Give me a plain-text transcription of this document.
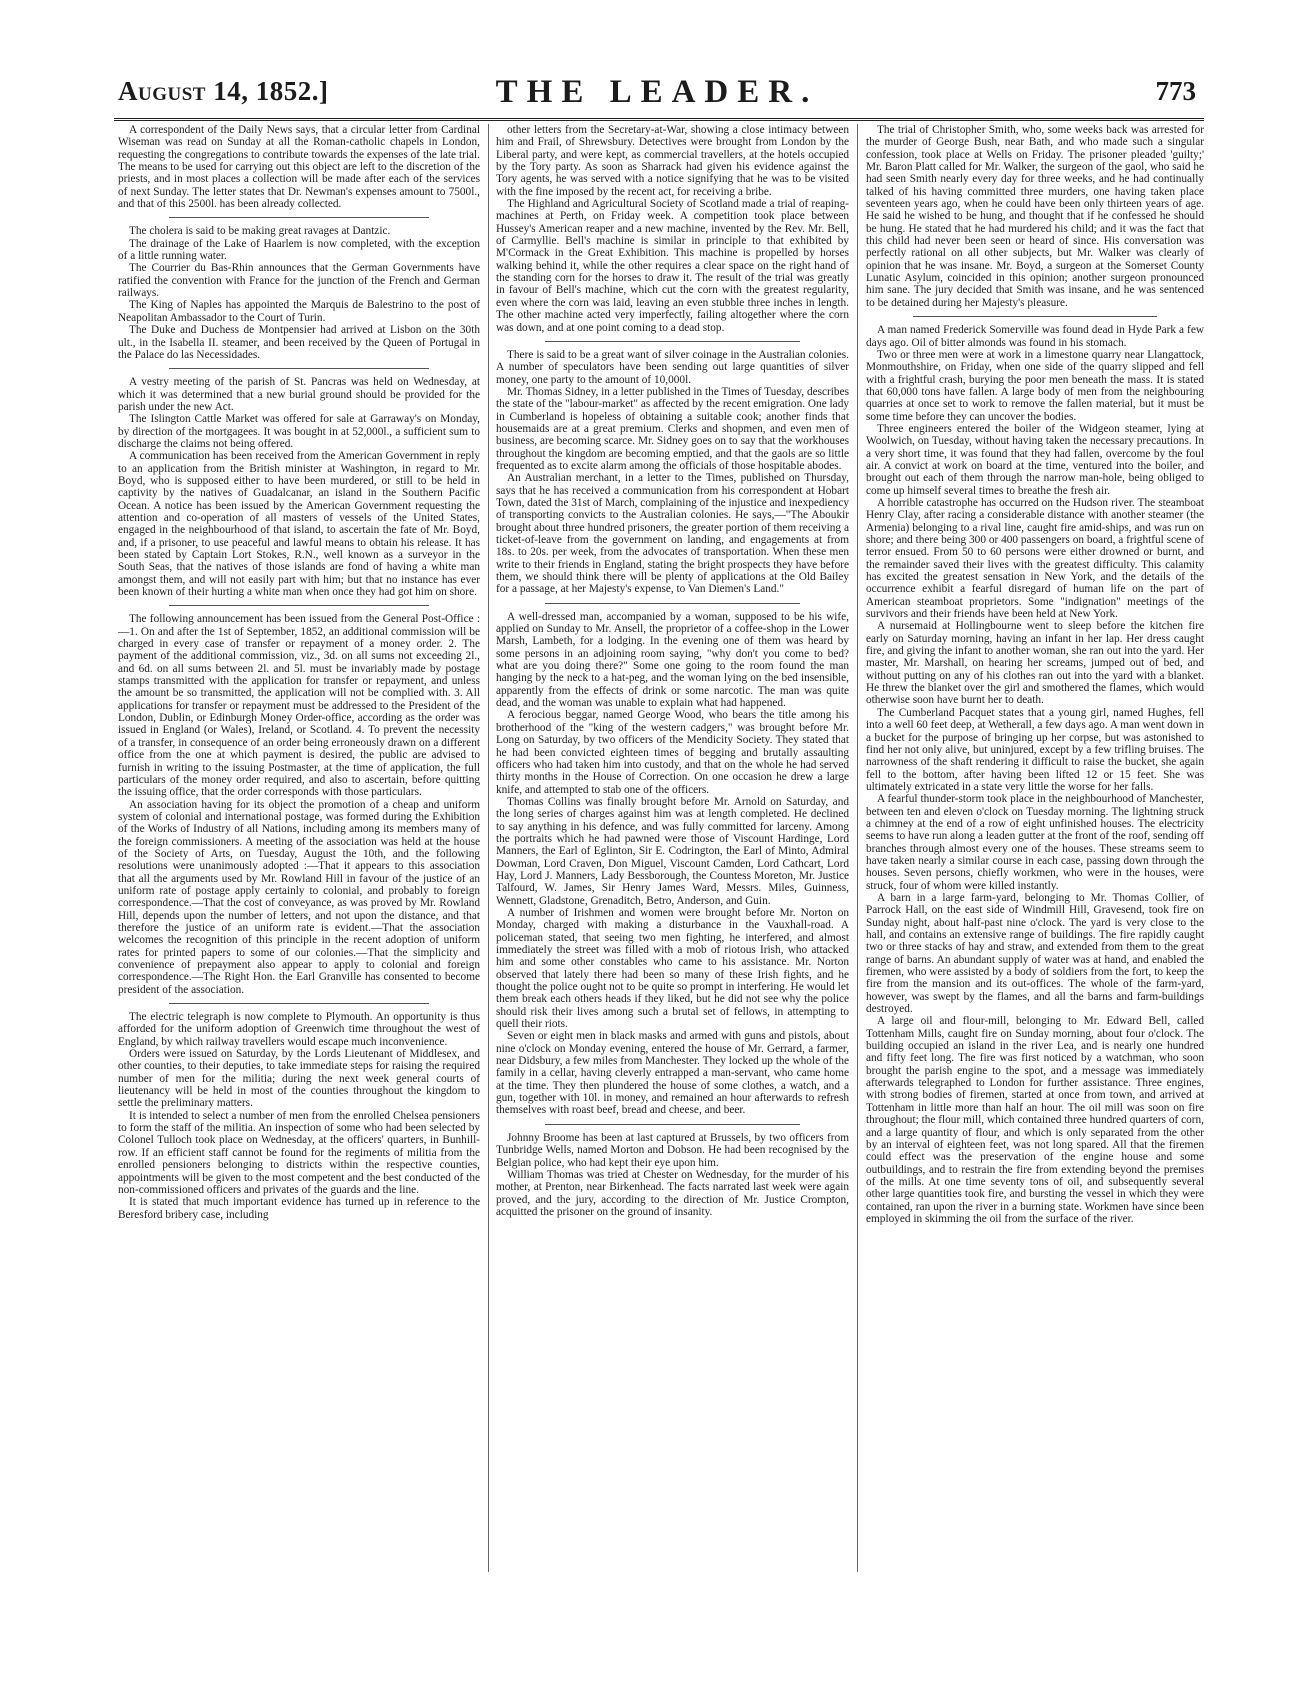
August 14, 1852.]	THE LEADER.	773

A correspondent of the Daily News says, that a circular letter from Cardinal Wiseman was read on Sunday at all the Roman-catholic chapels in London, requesting the congregations to contribute towards the expenses of the late trial. The means to be used for carrying out this object are left to the discretion of the priests, and in most places a collection will be made after each of the services of next Sunday. The letter states that Dr. Newman's expenses amount to 7500l., and that of this 2500l. has been already collected.

The cholera is said to be making great ravages at Dantzic.

The drainage of the Lake of Haarlem is now completed, with the exception of a little running water.

The Courrier du Bas-Rhin announces that the German Governments have ratified the convention with France for the junction of the French and German railways.

The King of Naples has appointed the Marquis de Balestrino to the post of Neapolitan Ambassador to the Court of Turin.

The Duke and Duchess de Montpensier had arrived at Lisbon on the 30th ult., in the Isabella II. steamer, and been received by the Queen of Portugal in the Palace do las Necessidades.

A vestry meeting of the parish of St. Pancras was held on Wednesday, at which it was determined that a new burial ground should be provided for the parish under the new Act.

The Islington Cattle Market was offered for sale at Garraway's on Monday, by direction of the mortgagees. It was bought in at 52,000l., a sufficient sum to discharge the claims not being offered.

A communication has been received from the American Government in reply to an application from the British minister at Washington, in regard to Mr. Boyd, who is supposed either to have been murdered, or still to be held in captivity by the natives of Guadalcanar, an island in the Southern Pacific Ocean. A notice has been issued by the American Government requesting the attention and co-operation of all masters of vessels of the United States, engaged in the neighbourhood of that island, to ascertain the fate of Mr. Boyd, and, if a prisoner, to use peaceful and lawful means to obtain his release. It has been stated by Captain Lort Stokes, R.N., well known as a surveyor in the South Seas, that the natives of those islands are fond of having a white man amongst them, and will not easily part with him; but that no instance has ever been known of their hurting a white man when once they had got him on shore.

The following announcement has been issued from the General Post-Office :—1. On and after the 1st of September, 1852, an additional commission will be charged in every case of transfer or repayment of a money order. 2. The payment of the additional commission, viz., 3d. on all sums not exceeding 2l., and 6d. on all sums between 2l. and 5l. must be invariably made by postage stamps transmitted with the application for transfer or repayment, and unless the amount be so transmitted, the application will not be complied with. 3. All applications for transfer or repayment must be addressed to the President of the London, Dublin, or Edinburgh Money Order-office, according as the order was issued in England (or Wales), Ireland, or Scotland. 4. To prevent the necessity of a transfer, in consequence of an order being erroneously drawn on a different office from the one at which payment is desired, the public are advised to furnish in writing to the issuing Postmaster, at the time of application, the full particulars of the money order required, and also to ascertain, before quitting the issuing office, that the order corresponds with those particulars.

An association having for its object the promotion of a cheap and uniform system of colonial and international postage, was formed during the Exhibition of the Works of Industry of all Nations, including among its members many of the foreign commissioners. A meeting of the association was held at the house of the Society of Arts, on Tuesday, August the 10th, and the following resolutions were unanimously adopted :—That it appears to this association that all the arguments used by Mr. Rowland Hill in favour of the justice of an uniform rate of postage apply certainly to colonial, and probably to foreign correspondence.—That the cost of conveyance, as was proved by Mr. Rowland Hill, depends upon the number of letters, and not upon the distance, and that therefore the justice of an uniform rate is evident.—That the association welcomes the recognition of this principle in the recent adoption of uniform rates for printed papers to some of our colonies.—That the simplicity and convenience of prepayment also appear to apply to colonial and foreign correspondence.—The Right Hon. the Earl Granville has consented to become president of the association.

The electric telegraph is now complete to Plymouth. An opportunity is thus afforded for the uniform adoption of Greenwich time throughout the west of England, by which railway travellers would escape much inconvenience.

Orders were issued on Saturday, by the Lords Lieutenant of Middlesex, and other counties, to their deputies, to take immediate steps for raising the required number of men for the militia; during the next week general courts of lieutenancy will be held in most of the counties throughout the kingdom to settle the preliminary matters.

It is intended to select a number of men from the enrolled Chelsea pensioners to form the staff of the militia. An inspection of some who had been selected by Colonel Tulloch took place on Wednesday, at the officers' quarters, in Bunhill-row. If an efficient staff cannot be found for the regiments of militia from the enrolled pensioners belonging to districts within the respective counties, appointments will be given to the most competent and the best conducted of the non-commissioned officers and privates of the guards and the line.

It is stated that much important evidence has turned up in reference to the Beresford bribery case, including

other letters from the Secretary-at-War, showing a close intimacy between him and Frail, of Shrewsbury. Detectives were brought from London by the Liberal party, and were kept, as commercial travellers, at the hotels occupied by the Tory party. As soon as Sharrack had given his evidence against the Tory agents, he was served with a notice signifying that he was to be visited with the fine imposed by the recent act, for receiving a bribe.

The Highland and Agricultural Society of Scotland made a trial of reaping-machines at Perth, on Friday week. A competition took place between Hussey's American reaper and a new machine, invented by the Rev. Mr. Bell, of Carmyllie. Bell's machine is similar in principle to that exhibited by M'Cormack in the Great Exhibition. This machine is propelled by horses walking behind it, while the other requires a clear space on the right hand of the standing corn for the horses to draw it. The result of the trial was greatly in favour of Bell's machine, which cut the corn with the greatest regularity, even where the corn was laid, leaving an even stubble three inches in length. The other machine acted very imperfectly, failing altogether where the corn was down, and at one point coming to a dead stop.

There is said to be a great want of silver coinage in the Australian colonies. A number of speculators have been sending out large quantities of silver money, one party to the amount of 10,000l.

Mr. Thomas Sidney, in a letter published in the Times of Tuesday, describes the state of the "labour-market" as affected by the recent emigration. One lady in Cumberland is hopeless of obtaining a suitable cook; another finds that housemaids are at a great premium. Clerks and shopmen, and even men of business, are becoming scarce. Mr. Sidney goes on to say that the workhouses throughout the kingdom are becoming emptied, and that the gaols are so little frequented as to excite alarm among the officials of those hospitable abodes.

An Australian merchant, in a letter to the Times, published on Thursday, says that he has received a communication from his correspondent at Hobart Town, dated the 31st of March, complaining of the injustice and inexpediency of transporting convicts to the Australian colonies. He says,—"The Aboukir brought about three hundred prisoners, the greater portion of them receiving a ticket-of-leave from the government on landing, and engagements at from 18s. to 20s. per week, from the advocates of transportation. When these men write to their friends in England, stating the bright prospects they have before them, we should think there will be plenty of applications at the Old Bailey for a passage, at her Majesty's expense, to Van Diemen's Land."

A well-dressed man, accompanied by a woman, supposed to be his wife, applied on Sunday to Mr. Ansell, the proprietor of a coffee-shop in the Lower Marsh, Lambeth, for a lodging. In the evening one of them was heard by some persons in an adjoining room saying, "why don't you come to bed? what are you doing there?" Some one going to the room found the man hanging by the neck to a hat-peg, and the woman lying on the bed insensible, apparently from the effects of drink or some narcotic. The man was quite dead, and the woman was unable to explain what had happened.

A ferocious beggar, named George Wood, who bears the title among his brotherhood of the "king of the western cadgers," was brought before Mr. Long on Saturday, by two officers of the Mendicity Society. They stated that he had been convicted eighteen times of begging and brutally assaulting officers who had taken him into custody, and that on the whole he had served thirty months in the House of Correction. On one occasion he drew a large knife, and attempted to stab one of the officers.

Thomas Collins was finally brought before Mr. Arnold on Saturday, and the long series of charges against him was at length completed. He declined to say anything in his defence, and was fully committed for larceny. Among the portraits which he had pawned were those of Viscount Hardinge, Lord Manners, the Earl of Eglinton, Sir E. Codrington, the Earl of Minto, Admiral Dowman, Lord Craven, Don Miguel, Viscount Camden, Lord Cathcart, Lord Hay, Lord J. Manners, Lady Bessborough, the Countess Moreton, Mr. Justice Talfourd, W. James, Sir Henry James Ward, Messrs. Miles, Guinness, Wennett, Gladstone, Grenaditch, Betro, Anderson, and Guin.

A number of Irishmen and women were brought before Mr. Norton on Monday, charged with making a disturbance in the Vauxhall-road. A policeman stated, that seeing two men fighting, he interfered, and almost immediately the street was filled with a mob of riotous Irish, who attacked him and some other constables who came to his assistance. Mr. Norton observed that lately there had been so many of these Irish fights, and he thought the police ought not to be quite so prompt in interfering. He would let them break each others heads if they liked, but he did not see why the police should risk their lives among such a brutal set of fellows, in attempting to quell their riots.

Seven or eight men in black masks and armed with guns and pistols, about nine o'clock on Monday evening, entered the house of Mr. Gerrard, a farmer, near Didsbury, a few miles from Manchester. They locked up the whole of the family in a cellar, having cleverly entrapped a man-servant, who came home at the time. They then plundered the house of some clothes, a watch, and a gun, together with 10l. in money, and remained an hour afterwards to refresh themselves with roast beef, bread and cheese, and beer.

Johnny Broome has been at last captured at Brussels, by two officers from Tunbridge Wells, named Morton and Dobson. He had been recognised by the Belgian police, who had kept their eye upon him.

William Thomas was tried at Chester on Wednesday, for the murder of his mother, at Prenton, near Birkenhead. The facts narrated last week were again proved, and the jury, according to the direction of Mr. Justice Crompton, acquitted the prisoner on the ground of insanity.

The trial of Christopher Smith, who, some weeks back was arrested for the murder of George Bush, near Bath, and who made such a singular confession, took place at Wells on Friday. The prisoner pleaded 'guilty;' Mr. Baron Platt called for Mr. Walker, the surgeon of the gaol, who said he had seen Smith nearly every day for three weeks, and he had continually talked of his having committed three murders, one having taken place seventeen years ago, when he could have been only thirteen years of age. He said he wished to be hung, and thought that if he confessed he should be hung. He stated that he had murdered his child; and it was the fact that this child had never been seen or heard of since. His conversation was perfectly rational on all other subjects, but Mr. Walker was clearly of opinion that he was insane. Mr. Boyd, a surgeon at the Somerset County Lunatic Asylum, coincided in this opinion; another surgeon pronounced him sane. The jury decided that Smith was insane, and he was sentenced to be detained during her Majesty's pleasure.

A man named Frederick Somerville was found dead in Hyde Park a few days ago. Oil of bitter almonds was found in his stomach.

Two or three men were at work in a limestone quarry near Llangattock, Monmouthshire, on Friday, when one side of the quarry slipped and fell with a frightful crash, burying the poor men beneath the mass. It is stated that 60,000 tons have fallen. A large body of men from the neighbouring quarries at once set to work to remove the fallen material, but it must be some time before they can uncover the bodies.

Three engineers entered the boiler of the Widgeon steamer, lying at Woolwich, on Tuesday, without having taken the necessary precautions. In a very short time, it was found that they had fallen, overcome by the foul air. A convict at work on board at the time, ventured into the boiler, and brought out each of them through the narrow man-hole, being obliged to come up himself several times to breathe the fresh air.

A horrible catastrophe has occurred on the Hudson river. The steamboat Henry Clay, after racing a considerable distance with another steamer (the Armenia) belonging to a rival line, caught fire amid-ships, and was run on shore; and there being 300 or 400 passengers on board, a frightful scene of terror ensued. From 50 to 60 persons were either drowned or burnt, and the remainder saved their lives with the greatest difficulty. This calamity has excited the greatest sensation in New York, and the details of the occurrence exhibit a fearful disregard of human life on the part of American steamboat proprietors. Some "indignation" meetings of the survivors and their friends have been held at New York.

A nursemaid at Hollingbourne went to sleep before the kitchen fire early on Saturday morning, having an infant in her lap. Her dress caught fire, and giving the infant to another woman, she ran out into the yard. Her master, Mr. Marshall, on hearing her screams, jumped out of bed, and without putting on any of his clothes ran out into the yard with a blanket. He threw the blanket over the girl and smothered the flames, which would otherwise soon have burnt her to death.

The Cumberland Pacquet states that a young girl, named Hughes, fell into a well 60 feet deep, at Wetherall, a few days ago. A man went down in a bucket for the purpose of bringing up her corpse, but was astonished to find her not only alive, but uninjured, except by a few trifling bruises. The narrowness of the shaft rendering it difficult to raise the bucket, she again fell to the bottom, after having been lifted 12 or 15 feet. She was ultimately extricated in a state very little the worse for her falls.

A fearful thunder-storm took place in the neighbourhood of Manchester, between ten and eleven o'clock on Tuesday morning. The lightning struck a chimney at the end of a row of eight unfinished houses. The electricity seems to have run along a leaden gutter at the front of the roof, sending off branches through almost every one of the houses. These streams seem to have taken nearly a similar course in each case, passing down through the houses. Seven persons, chiefly workmen, who were in the houses, were struck, four of whom were killed instantly.

A barn in a large farm-yard, belonging to Mr. Thomas Collier, of Parrock Hall, on the east side of Windmill Hill, Gravesend, took fire on Sunday night, about half-past nine o'clock. The yard is very close to the hall, and contains an extensive range of buildings. The fire rapidly caught two or three stacks of hay and straw, and extended from them to the great range of barns. An abundant supply of water was at hand, and enabled the firemen, who were assisted by a body of soldiers from the fort, to keep the fire from the mansion and its out-offices. The whole of the farm-yard, however, was swept by the flames, and all the barns and farm-buildings destroyed.

A large oil and flour-mill, belonging to Mr. Edward Bell, called Tottenham Mills, caught fire on Sunday morning, about four o'clock. The building occupied an island in the river Lea, and is nearly one hundred and fifty feet long. The fire was first noticed by a watchman, who soon brought the parish engine to the spot, and a message was immediately afterwards telegraphed to London for further assistance. Three engines, with strong bodies of firemen, started at once from town, and arrived at Tottenham in little more than half an hour. The oil mill was soon on fire throughout; the flour mill, which contained three hundred quarters of corn, and a large quantity of flour, and which is only separated from the other by an interval of eighteen feet, was not long spared. All that the firemen could effect was the preservation of the engine house and some outbuildings, and to restrain the fire from extending beyond the premises of the mills. At one time seventy tons of oil, and subsequently several other large quantities took fire, and bursting the vessel in which they were contained, ran upon the river in a burning state. Workmen have since been employed in skimming the oil from the surface of the river.
